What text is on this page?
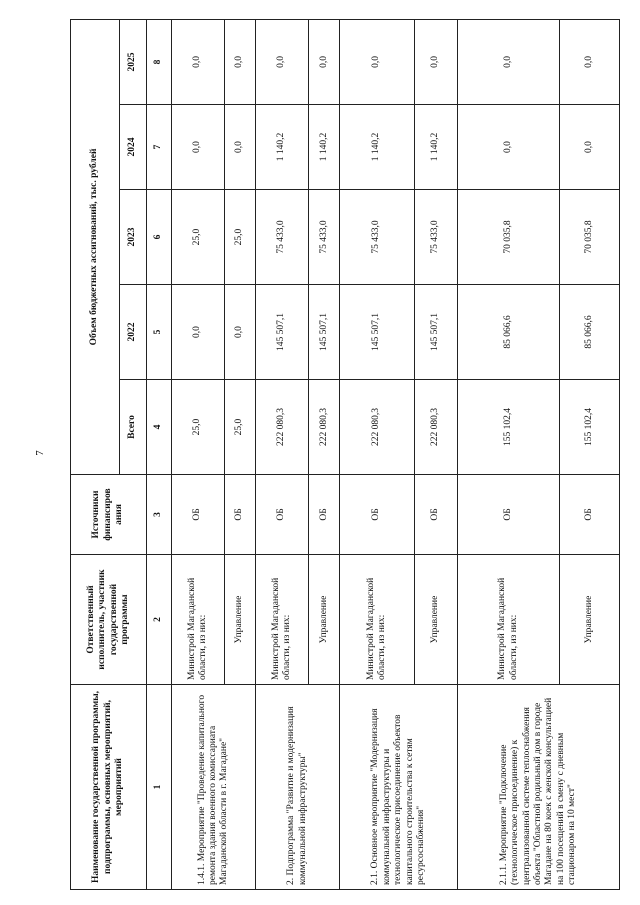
7
Наименование государственной программы, подпрограммы, основных мероприятий, мероприятий	Ответственный исполнитель, участник государственной программы	Источники финансиров ания	Объем бюджетных ассигнований, тыс. рублей				
			Всего	2022	2023	2024	2025
1	2	3	4	5	6	7	8
1.4.1. Мероприятие "Проведение капитального ремонта здания военного комиссариата Магаданской области в г. Магадане"	Министрой Магаданской области, из них:	ОБ	25,0	0,0	25,0	0,0	0,0
	Управление	ОБ	25,0	0,0	25,0	0,0	0,0
2. Подпрограмма "Развитие и модернизация коммунальной инфраструктуры"	Министрой Магаданской области, из них:	ОБ	222 080,3	145 507,1	75 433,0	1 140,2	0,0
	Управление	ОБ	222 080,3	145 507,1	75 433,0	1 140,2	0,0
2.1. Основное мероприятие "Модернизация коммунальной инфраструктуры и технологическое присоединение объектов капитального строительства к сетям ресурсоснабжения"	Министрой Магаданской области, из них:	ОБ	222 080,3	145 507,1	75 433,0	1 140,2	0,0
	Управление	ОБ	222 080,3	145 507,1	75 433,0	1 140,2	0,0
2.1.1. Мероприятие "Подключение (технологическое присоединение) к централизованной системе теплоснабжения объекта "Областной родильный дом в городе Магадане на 80 коек с женской консультацией на 100 посещений в смену с дневным стационаром на 10 мест"	Министрой Магаданской области, из них:	ОБ	155 102,4	85 066,6	70 035,8	0,0	0,0
	Управление	ОБ	155 102,4	85 066,6	70 035,8	0,0	0,0
